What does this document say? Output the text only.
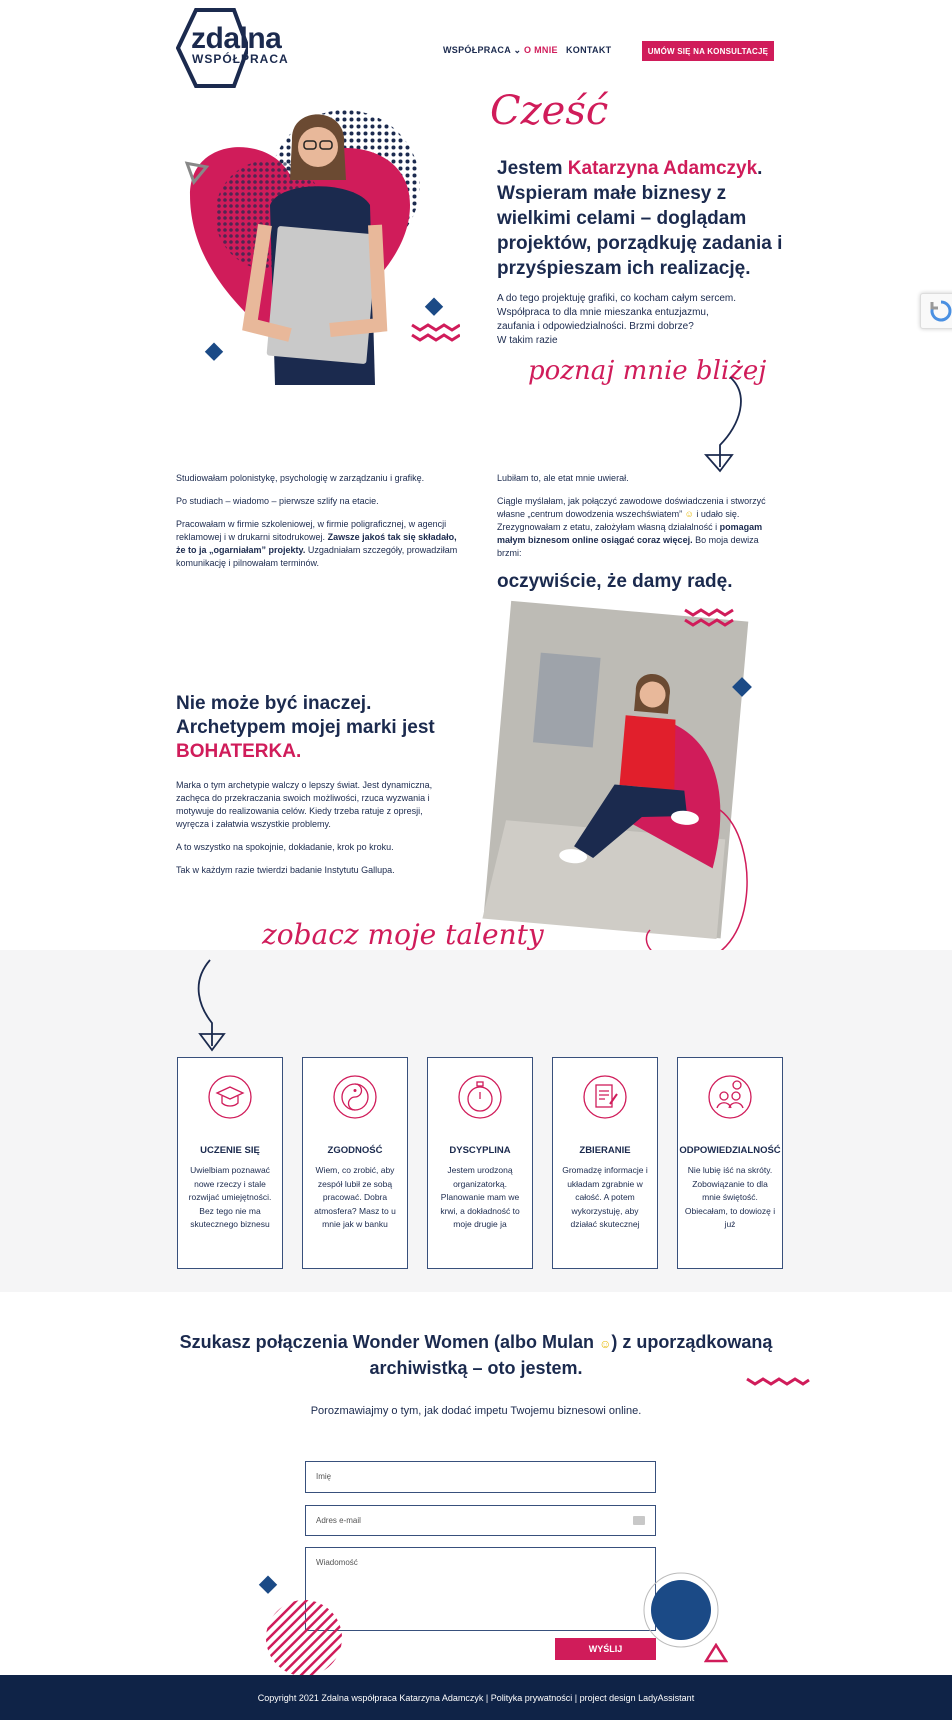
zdalna
WSPÓŁPRACA
WSPÓŁPRACA ⌄ O MNIE KONTAKT	UMÓW SIĘ NA KONSULTACJĘ
Cześć
Jestem Katarzyna Adamczyk. Wspieram małe biznesy z wielkimi celami – doglądam projektów, porządkuję zadania i przyśpieszam ich realizację.
A do tego projektuję grafiki, co kocham całym sercem.
Współpraca to dla mnie mieszanka entuzjazmu,
zaufania i odpowiedzialności. Brzmi dobrze?
W takim razie
poznaj mnie bliżej

Studiowałam polonistykę, psychologię w zarządzaniu i grafikę.

Po studiach – wiadomo – pierwsze szlify na etacie.

Pracowałam w firmie szkoleniowej, w firmie poligraficznej, w agencji reklamowej i w drukarni sitodrukowej. Zawsze jakoś tak się składało, że to ja „ogarniałam” projekty. Uzgadniałam szczegóły, prowadziłam komunikację i pilnowałam terminów.

Lubiłam to, ale etat mnie uwierał.

Ciągle myślałam, jak połączyć zawodowe doświadczenia i stworzyć własne „centrum dowodzenia wszechświatem” ☺ i udało się. Zrezygnowałam z etatu, założyłam własną działalność i pomagam małym biznesom online osiągać coraz więcej. Bo moja dewiza brzmi:

oczywiście, że damy radę.
Nie może być inaczej.
Archetypem mojej marki jest
BOHATERKA.

Marka o tym archetypie walczy o lepszy świat. Jest dynamiczna, zachęca do przekraczania swoich możliwości, rzuca wyzwania i motywuje do realizowania celów. Kiedy trzeba ratuje z opresji, wyręcza i załatwia wszystkie problemy.

A to wszystko na spokojnie, dokładanie, krok po kroku.

Tak w każdym razie twierdzi badanie Instytutu Gallupa.

zobacz moje talenty
UCZENIE SIĘ
Uwielbiam poznawać nowe rzeczy i stale rozwijać umiejętności. Bez tego nie ma skutecznego biznesu
ZGODNOŚĆ
Wiem, co zrobić, aby zespół lubił ze sobą pracować. Dobra atmosfera? Masz to u mnie jak w banku
DYSCYPLINA
Jestem urodzoną organizatorką. Planowanie mam we krwi, a dokładność to moje drugie ja
ZBIERANIE
Gromadzę informacje i układam zgrabnie w całość. A potem wykorzystuję, aby działać skutecznej
ODPOWIEDZIALNOŚĆ
Nie lubię iść na skróty. Zobowiązanie to dla mnie świętość. Obiecałam, to dowiozę i już
Szukasz połączenia Wonder Women (albo Mulan ☺) z uporządkowaną
archiwistką – oto jestem.
Porozmawiajmy o tym, jak dodać impetu Twojemu biznesowi online.
Imię
Adres e-mail
Wiadomość
WYŚLIJ
Copyright 2021 Zdalna współpraca Katarzyna Adamczyk | Polityka prywatności | project design LadyAssistant
